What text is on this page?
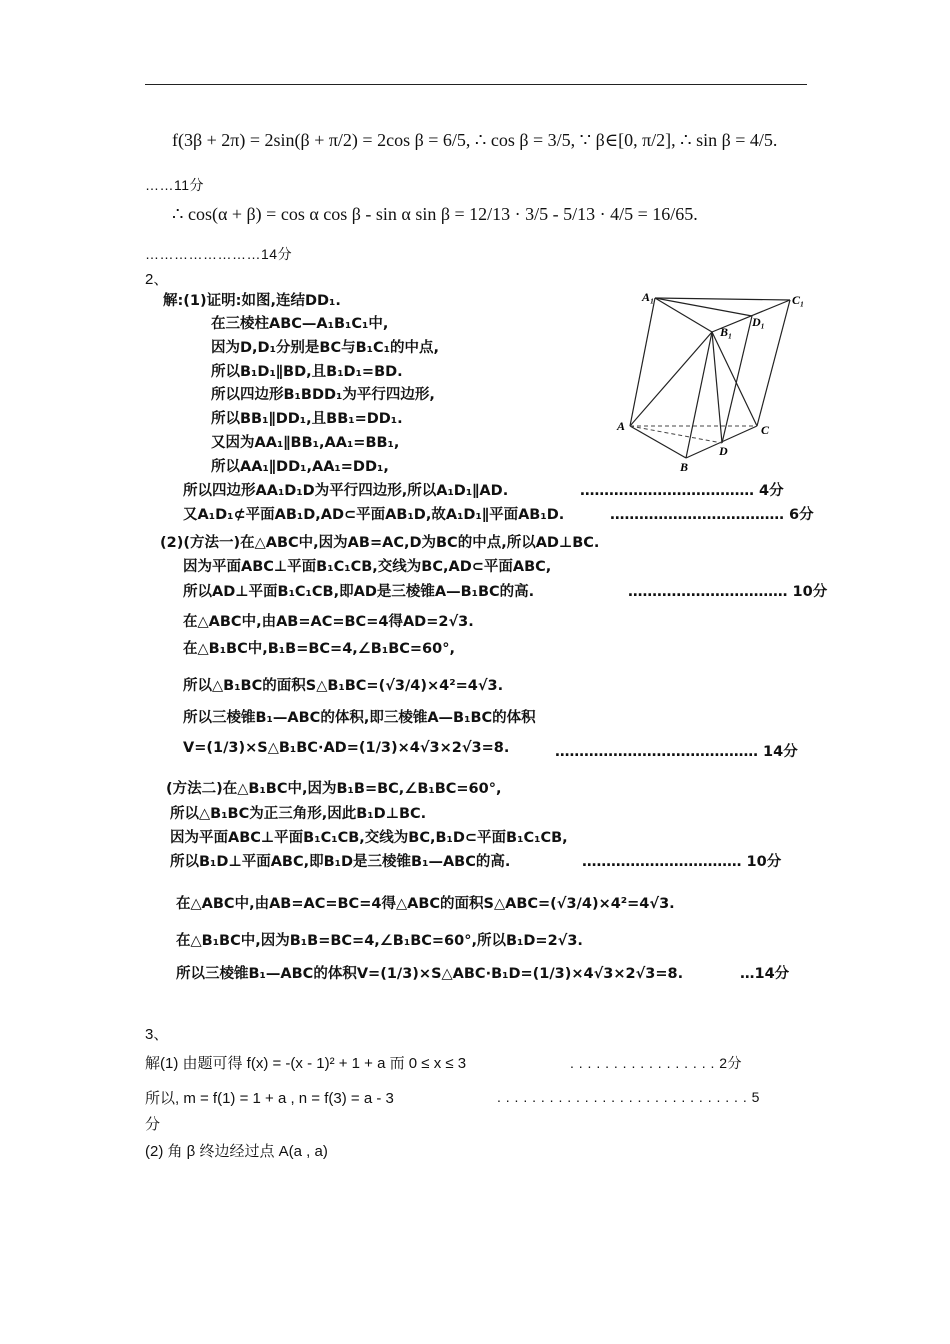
f(3β + 2π) = 2sin(β + π/2) = 2cos β = 6/5, ∴ cos β = 3/5, ∵ β∈[0, π/2], ∴ sin β = 4/5.
……11分
∴ cos(α + β) = cos α cos β - sin α sin β = 12/13 · 3/5 - 5/13 · 4/5 = 16/65.
……………………14分
2、
解:(1)证明:如图,连结DD₁.
在三棱柱ABC—A₁B₁C₁中,
因为D,D₁分别是BC与B₁C₁的中点,
所以B₁D₁∥BD,且B₁D₁=BD.
所以四边形B₁BDD₁为平行四边形,
所以BB₁∥DD₁,且BB₁=DD₁.
又因为AA₁∥BB₁,AA₁=BB₁,
所以AA₁∥DD₁,AA₁=DD₁,
所以四边形AA₁D₁D为平行四边形,所以A₁D₁∥AD.	……………………………… 4分
又A₁D₁⊄平面AB₁D,AD⊂平面AB₁D,故A₁D₁∥平面AB₁D.	……………………………… 6分
(2)(方法一)在△ABC中,因为AB=AC,D为BC的中点,所以AD⊥BC.
因为平面ABC⊥平面B₁C₁CB,交线为BC,AD⊂平面ABC,
所以AD⊥平面B₁C₁CB,即AD是三棱锥A—B₁BC的高.	…………………………… 10分
在△ABC中,由AB=AC=BC=4得AD=2√3.
在△B₁BC中,B₁B=BC=4,∠B₁BC=60°,
所以△B₁BC的面积S△B₁BC=(√3/4)×4²=4√3.
所以三棱锥B₁—ABC的体积,即三棱锥A—B₁BC的体积
V=(1/3)×S△B₁BC·AD=(1/3)×4√3×2√3=8.	…………………………………… 14分
(方法二)在△B₁BC中,因为B₁B=BC,∠B₁BC=60°,
所以△B₁BC为正三角形,因此B₁D⊥BC.
因为平面ABC⊥平面B₁C₁CB,交线为BC,B₁D⊂平面B₁C₁CB,
所以B₁D⊥平面ABC,即B₁D是三棱锥B₁—ABC的高.	…………………………… 10分
在△ABC中,由AB=AC=BC=4得△ABC的面积S△ABC=(√3/4)×4²=4√3.
在△B₁BC中,因为B₁B=BC=4,∠B₁BC=60°,所以B₁D=2√3.
所以三棱锥B₁—ABC的体积V=(1/3)×S△ABC·B₁D=(1/3)×4√3×2√3=8.	…14分
A₁	C₁
B₁
D₁
A	C
B
D
3、
解(1) 由题可得 f(x) = -(x - 1)² + 1 + a 而 0 ≤ x ≤ 3	. . . . . . . . . . . . . . . . . 2分
所以, m = f(1) = 1 + a , n = f(3) = a - 3	. . . . . . . . . . . . . . . . . . . . . . . . . . . . . 5
分
(2) 角 β 终边经过点 A(a , a)
